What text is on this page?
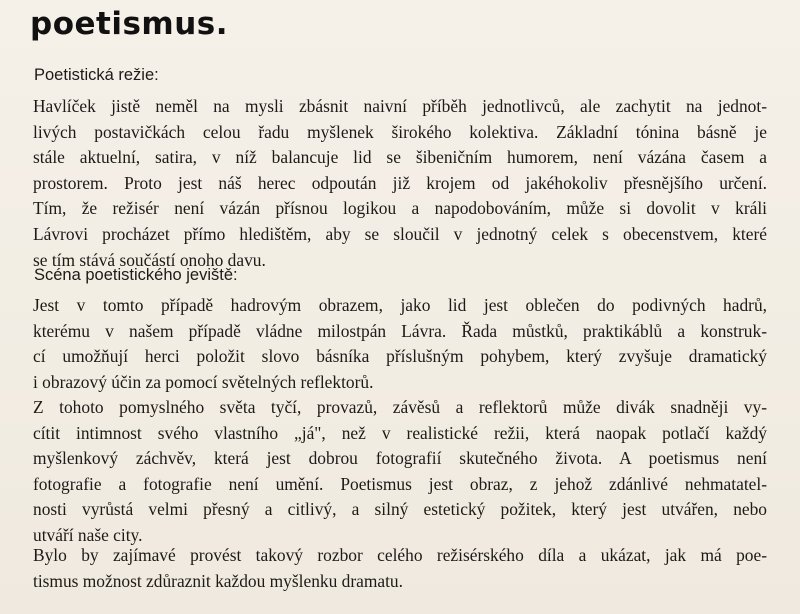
poetismus.
Poetistická režie:
Havlíček jistě neměl na mysli zbásnit naivní příběh jednotlivců, ale zachytit na jednot-
livých postavičkách celou řadu myšlenek širokého kolektiva. Základní tónina básně je
stále aktuelní, satira, v níž balancuje lid se šibeničním humorem, není vázána časem a
prostorem. Proto jest náš herec odpoután již krojem od jakéhokoliv přesnějšího určení.
Tím, že režisér není vázán přísnou logikou a napodobováním, může si dovolit v králi
Lávrovi procházet přímo hledištěm, aby se sloučil v jednotný celek s obecenstvem, které
se tím stává součástí onoho davu.
Scéna poetistického jeviště:
Jest v tomto případě hadrovým obrazem, jako lid jest oblečen do podivných hadrů,
kterému v našem případě vládne milostpán Lávra. Řada můstků, praktikáblů a konstruk-
cí umožňují herci položit slovo básníka příslušným pohybem, který zvyšuje dramatický
i obrazový účin za pomocí světelných reflektorů.
Z tohoto pomyslného světa tyčí, provazů, závěsů a reflektorů může divák snadněji vy-
cítit intimnost svého vlastního „já", než v realistické režii, která naopak potlačí každý
myšlenkový záchvěv, která jest dobrou fotografií skutečného života. A poetismus není
fotografie a fotografie není umění. Poetismus jest obraz, z jehož zdánlivé nehmatatel-
nosti vyrůstá velmi přesný a citlivý, a silný estetický požitek, který jest utvářen, nebo
utváří naše city.
Bylo by zajímavé provést takový rozbor celého režisérského díla a ukázat, jak má poe-
tismus možnost zdůraznit každou myšlenku dramatu.
